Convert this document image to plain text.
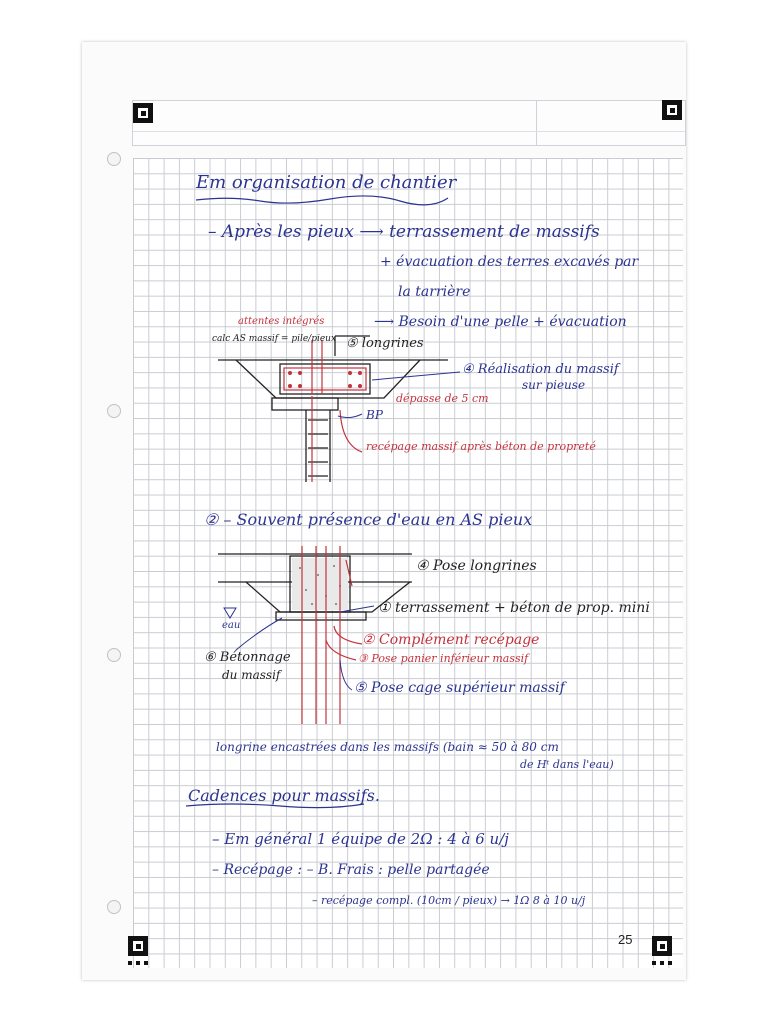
Em organisation de chantier
– Après les pieux ⟶ terrassement de massifs
+ évacuation des terres excavés par
la tarrière
⟶ Besoin d'une pelle + évacuation
attentes intégrés
calc AS massif = pile/pieux ⑤ longrines
④ Réalisation du massif
sur pieuse
dépasse de 5 cm
BP
recépage massif après béton de propreté
② – Souvent présence d'eau en AS pieux
④ Pose longrines
① terrassement + béton de prop. mini
eau
② Complément recépage
③ Pose panier inférieur massif
⑥ Bétonnage
du massif
⑤ Pose cage supérieur massif
longrine encastrées dans les massifs (bain ≈ 50 à 80 cm
de Hᵗ dans l'eau)
Cadences pour massifs.
– Em général 1 équipe de 2Ω : 4 à 6 u/j
– Recépage : – B. Frais : pelle partagée
– recépage compl. (10cm / pieux) → 1Ω 8 à 10 u/j
25
